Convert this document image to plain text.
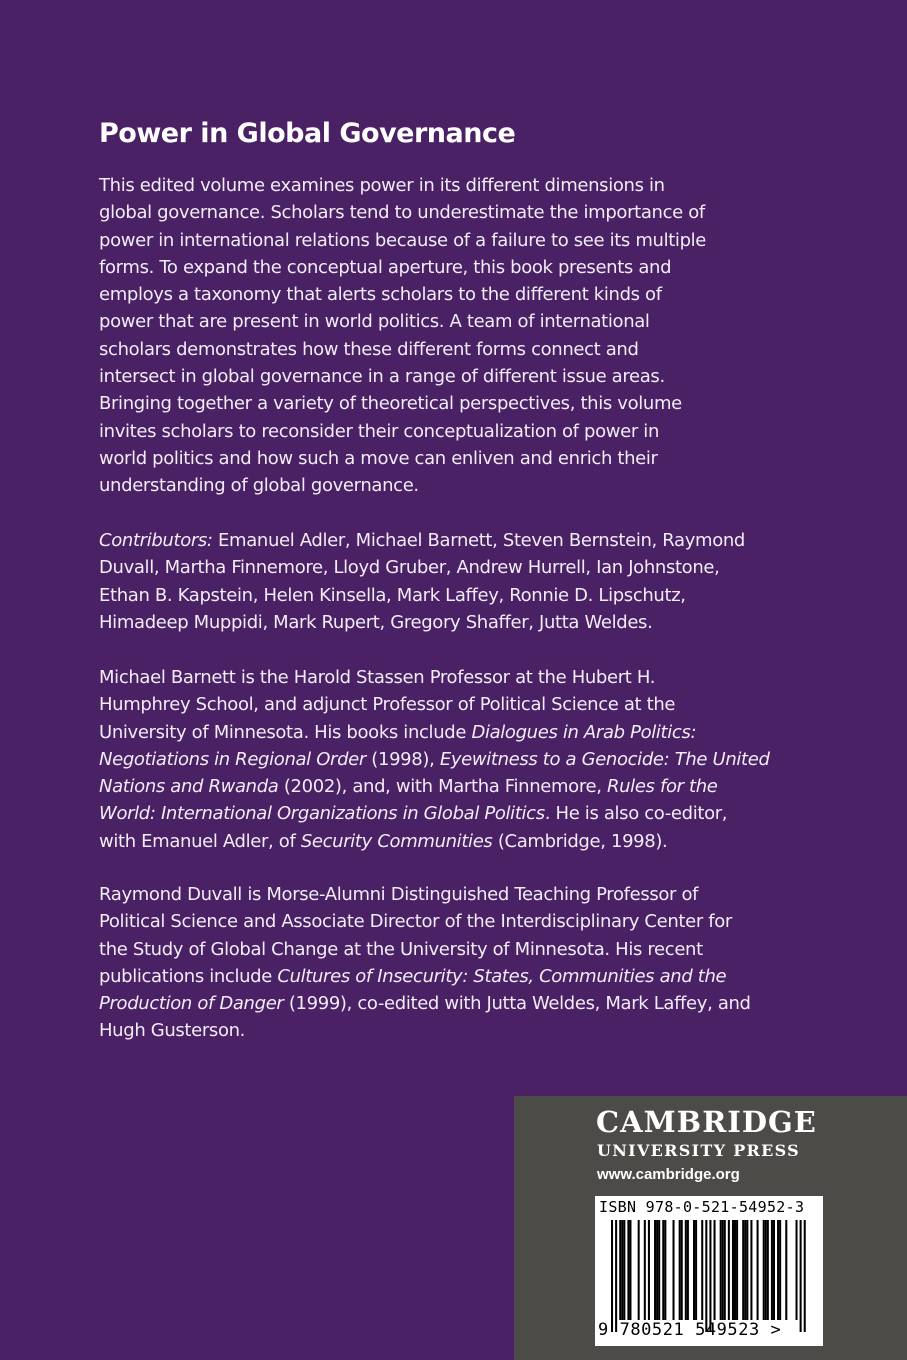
Power in Global Governance
This edited volume examines power in its different dimensions in
global governance. Scholars tend to underestimate the importance of
power in international relations because of a failure to see its multiple
forms. To expand the conceptual aperture, this book presents and
employs a taxonomy that alerts scholars to the different kinds of
power that are present in world politics. A team of international
scholars demonstrates how these different forms connect and
intersect in global governance in a range of different issue areas.
Bringing together a variety of theoretical perspectives, this volume
invites scholars to reconsider their conceptualization of power in
world politics and how such a move can enliven and enrich their
understanding of global governance.
Contributors: Emanuel Adler, Michael Barnett, Steven Bernstein, Raymond
Duvall, Martha Finnemore, Lloyd Gruber, Andrew Hurrell, Ian Johnstone,
Ethan B. Kapstein, Helen Kinsella, Mark Laffey, Ronnie D. Lipschutz,
Himadeep Muppidi, Mark Rupert, Gregory Shaffer, Jutta Weldes.
Michael Barnett is the Harold Stassen Professor at the Hubert H.
Humphrey School, and adjunct Professor of Political Science at the
University of Minnesota. His books include Dialogues in Arab Politics:
Negotiations in Regional Order (1998), Eyewitness to a Genocide: The United
Nations and Rwanda (2002), and, with Martha Finnemore, Rules for the
World: International Organizations in Global Politics. He is also co-editor,
with Emanuel Adler, of Security Communities (Cambridge, 1998).
Raymond Duvall is Morse-Alumni Distinguished Teaching Professor of
Political Science and Associate Director of the Interdisciplinary Center for
the Study of Global Change at the University of Minnesota. His recent
publications include Cultures of Insecurity: States, Communities and the
Production of Danger (1999), co-edited with Jutta Weldes, Mark Laffey, and
Hugh Gusterson.
CAMBRIDGE
UNIVERSITY PRESS
www.cambridge.org
ISBN 978-0-521-54952-3
9 780521 549523 >
